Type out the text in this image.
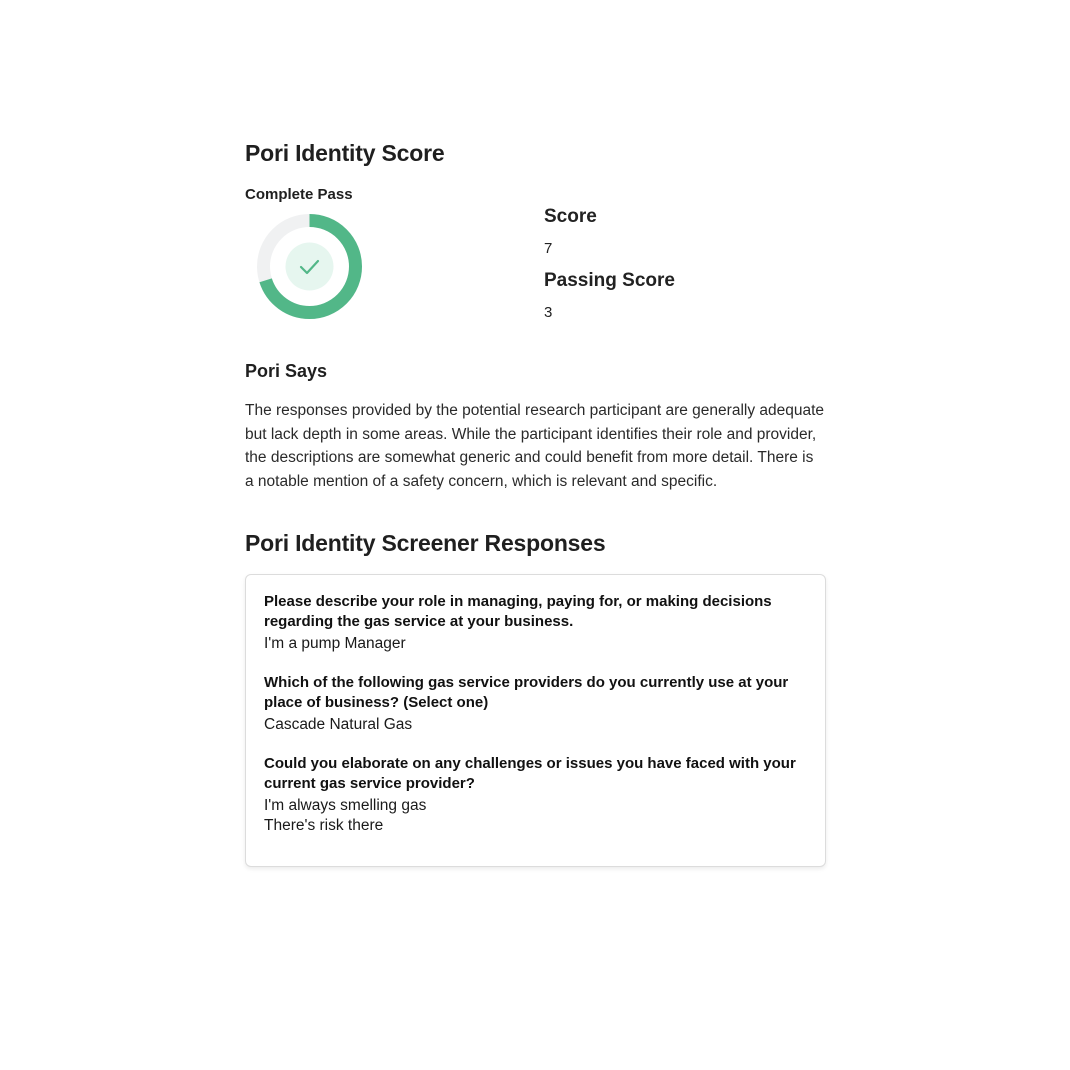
Pori Identity Score
Complete Pass
Score
7
Passing Score
3
Pori Says
The responses provided by the potential research participant are generally adequate but lack depth in some areas. While the participant identifies their role and provider, the descriptions are somewhat generic and could benefit from more detail. There is a notable mention of a safety concern, which is relevant and specific.
Pori Identity Screener Responses
Please describe your role in managing, paying for, or making decisions regarding the gas service at your business.
I'm a pump Manager
Which of the following gas service providers do you currently use at your place of business? (Select one)
Cascade Natural Gas
Could you elaborate on any challenges or issues you have faced with your current gas service provider?
I'm always smelling gas
There's risk there
